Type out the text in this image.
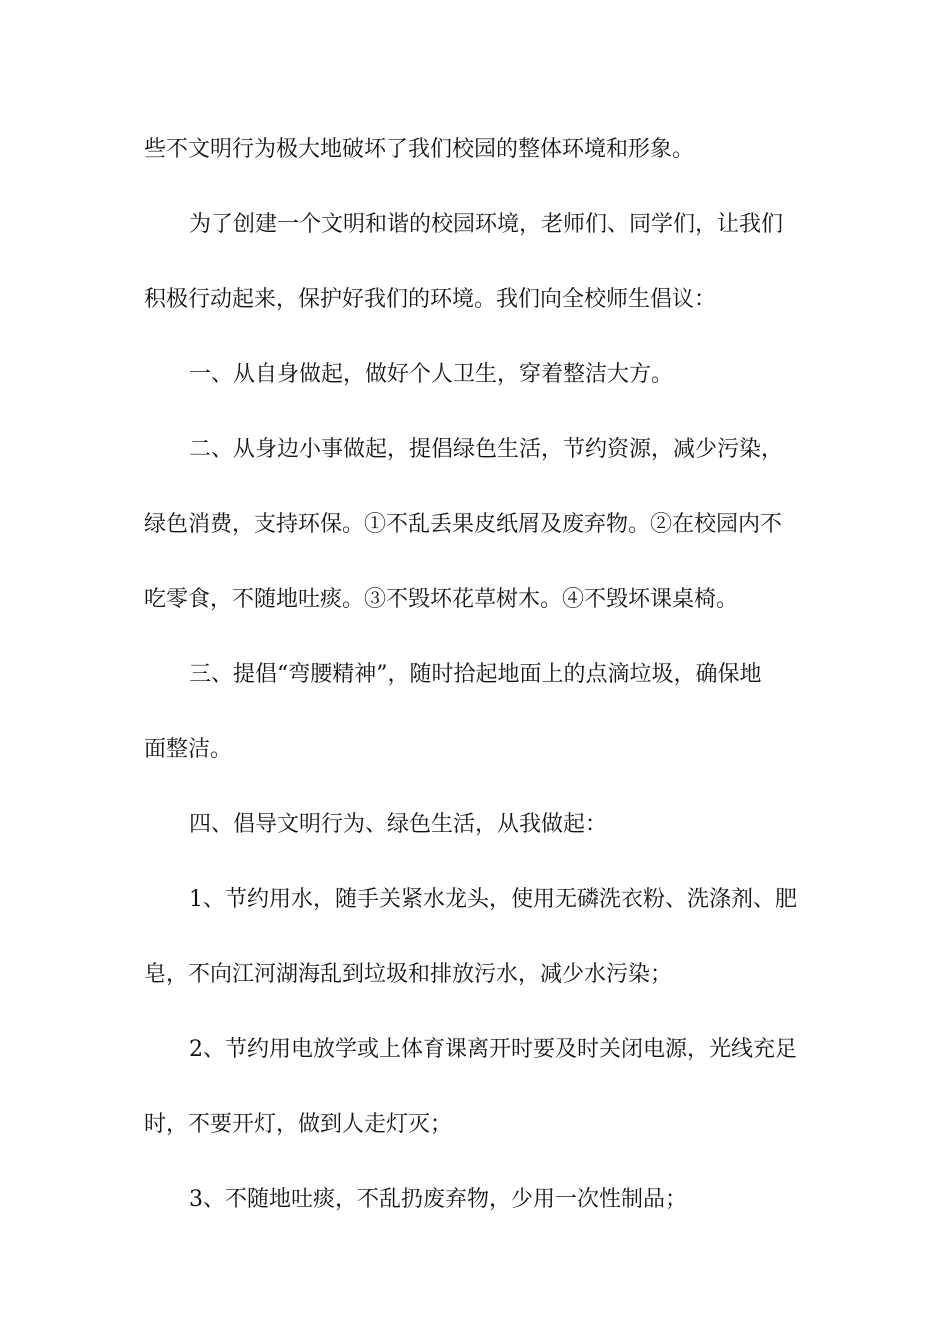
些不文明行为极大地破坏了我们校园的整体环境和形象。

为了创建一个文明和谐的校园环境，老师们、同学们，让我们

积极行动起来，保护好我们的环境。我们向全校师生倡议：

一、从自身做起，做好个人卫生，穿着整洁大方。

二、从身边小事做起，提倡绿色生活，节约资源，减少污染，

绿色消费，支持环保。①不乱丢果皮纸屑及废弃物。②在校园内不

吃零食，不随地吐痰。③不毁坏花草树木。④不毁坏课桌椅。

三、提倡“弯腰精神”，随时拾起地面上的点滴垃圾，确保地

面整洁。

四、倡导文明行为、绿色生活，从我做起：

1、节约用水，随手关紧水龙头，使用无磷洗衣粉、洗涤剂、肥

皂，不向江河湖海乱到垃圾和排放污水，减少水污染；

2、节约用电放学或上体育课离开时要及时关闭电源，光线充足

时，不要开灯，做到人走灯灭；

3、不随地吐痰，不乱扔废弃物，少用一次性制品；
